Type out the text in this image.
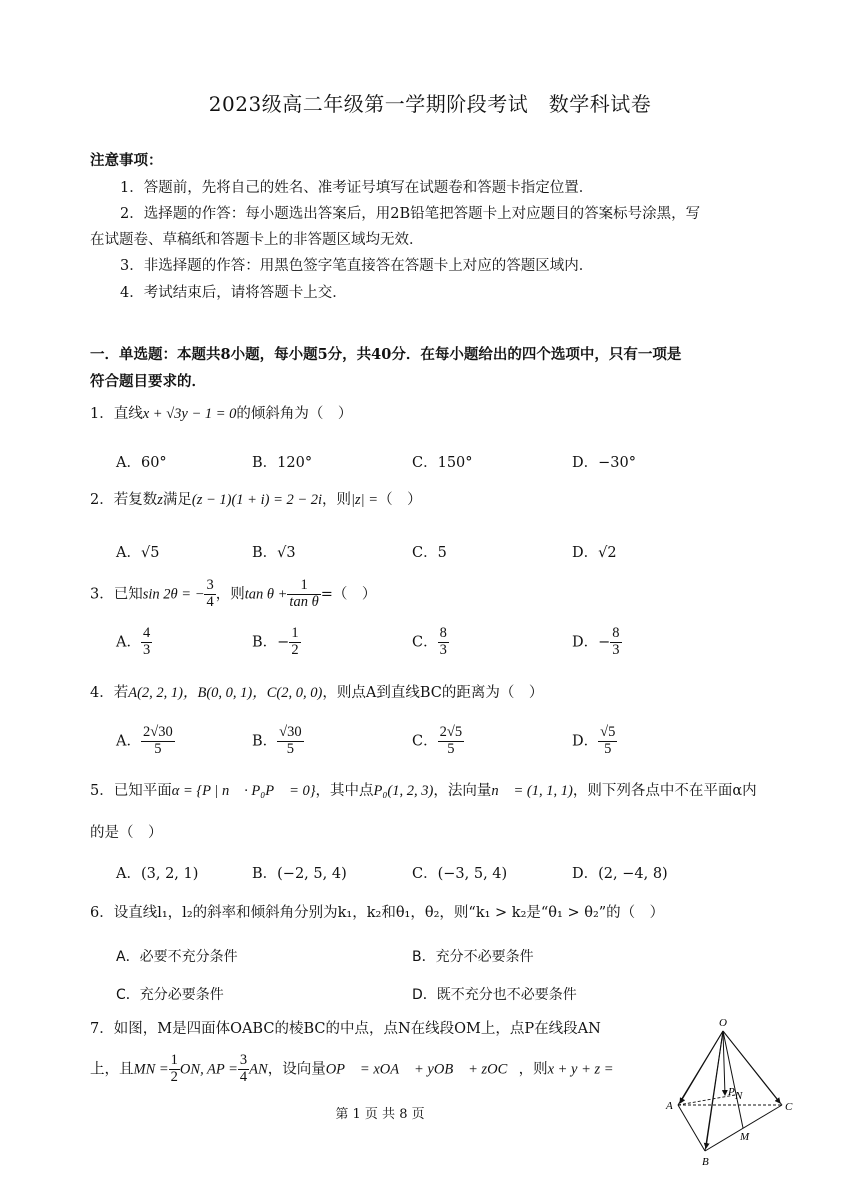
2023级高二年级第一学期阶段考试　数学科试卷
注意事项：
1．答题前，先将自己的姓名、准考证号填写在试题卷和答题卡指定位置．
2．选择题的作答：每小题选出答案后，用2B铅笔把答题卡上对应题目的答案标号涂黑，写
在试题卷、草稿纸和答题卡上的非答题区域均无效．
3．非选择题的作答：用黑色签字笔直接答在答题卡上对应的答题区域内．
4．考试结束后，请将答题卡上交．
一．单选题：本题共8小题，每小题5分，共40分．在每小题给出的四个选项中，只有一项是
符合题目要求的．
1．直线x + √3y − 1 = 0的倾斜角为（　）
A．60°	B．120°	C．150°	D．−30°
2．若复数z满足(z − 1)(1 + i) = 2 − 2i，则|z| =（　）
A．√5	B．√3	C．5	D．√2
3．已知sin 2θ = − $\frac{3}{4}$ ，则$\tan \theta + \frac{1}{\text{tan θ}}$ =（　）
A． $\frac{4}{3}$	B．− $\frac{1}{2}$	C． $\frac{8}{3}$	D．− $\frac{8}{3}$
4．若A(2, 2, 1)，B(0, 0, 1)，C(2, 0, 0)，则点A到直线BC的距离为（　）
A． $\frac{2√30}{5}$	B． $\frac{√30}{5}$	C． $\frac{2√5}{5}$	D． $\frac{√5}{5}$
5．已知平面α = {P | n⃗ · P₀P⃗ = 0}，其中点P₀(1, 2, 3)，法向量n⃗ = (1, 1, 1)，则下列各点中不在平面α内
的是（　）
A．(3, 2, 1)	B．(−2, 5, 4)	C．(−3, 5, 4)	D．(2, −4, 8)
6．设直线l₁，l₂的斜率和倾斜角分别为k₁，k₂和θ₁，θ₂，则“k₁ > k₂是“θ₁ > θ₂”的（　）
A．必要不充分条件	B．充分不必要条件
C．充分必要条件	D．既不充分也不必要条件
7．如图，M是四面体OABC的棱BC的中点，点N在线段OM上，点P在线段AN
上，且MN = $\frac{1}{2}$ ON, AP = $\frac{3}{4}$ AN，设向量OP⃗ = xOA⃗ + yOB⃗ + zOC⃗，则x + y + z =
O
A
B
C
M
N
P
第 1 页 共 8 页
